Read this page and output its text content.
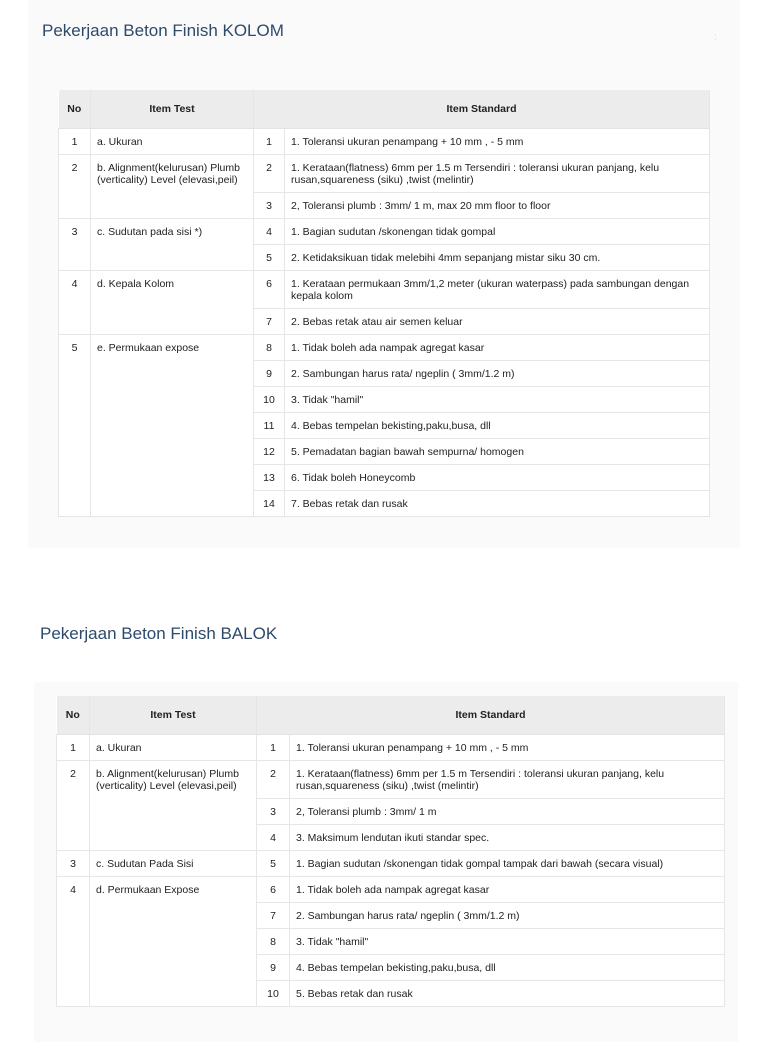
Pekerjaan Beton Finish KOLOM	:
No	Item Test	Item Standard	

1	a. Ukuran	1	1. Toleransi ukuran penampang + 10 mm , - 5 mm

2	b. Alignment(kelurusan) Plumb (verticality) Level (elevasi,peil)	2	1. Kerataan(flatness) 6mm per 1.5 m Tersendiri : toleransi ukuran panjang, kelu rusan,squareness (siku) ,twist (melintir)

		3	2, Toleransi plumb : 3mm/ 1 m, max 20 mm floor to floor

3	c. Sudutan pada sisi *)	4	1. Bagian sudutan /skonengan tidak gompal

		5	2. Ketidaksikuan tidak melebihi 4mm sepanjang mistar siku 30 cm.

4	d. Kepala Kolom	6	1. Kerataan permukaan 3mm/1,2 meter (ukuran waterpass) pada sambungan dengan kepala kolom

		7	2. Bebas retak atau air semen keluar

5	e. Permukaan expose	8	1. Tidak boleh ada nampak agregat kasar

		9	2. Sambungan harus rata/ ngeplin ( 3mm/1.2 m)

		10	3. Tidak "hamil"

		11	4. Bebas tempelan bekisting,paku,busa, dll

		12	5. Pemadatan bagian bawah sempurna/ homogen

		13	6. Tidak boleh Honeycomb

		14	7. Bebas retak dan rusak
Pekerjaan Beton Finish BALOK
No	Item Test	Item Standard	

1	a. Ukuran	1	1. Toleransi ukuran penampang + 10 mm , - 5 mm

2	b. Alignment(kelurusan) Plumb (verticality) Level (elevasi,peil)	2	1. Kerataan(flatness) 6mm per 1.5 m Tersendiri : toleransi ukuran panjang, kelu rusan,squareness (siku) ,twist (melintir)

		3	2, Toleransi plumb : 3mm/ 1 m

		4	3. Maksimum lendutan ikuti standar spec.

3	c. Sudutan Pada Sisi	5	1. Bagian sudutan /skonengan tidak gompal tampak dari bawah (secara visual)

4	d. Permukaan Expose	6	1. Tidak boleh ada nampak agregat kasar

		7	2. Sambungan harus rata/ ngeplin ( 3mm/1.2 m)

		8	3. Tidak "hamil"

		9	4. Bebas tempelan bekisting,paku,busa, dll

		10	5. Bebas retak dan rusak
